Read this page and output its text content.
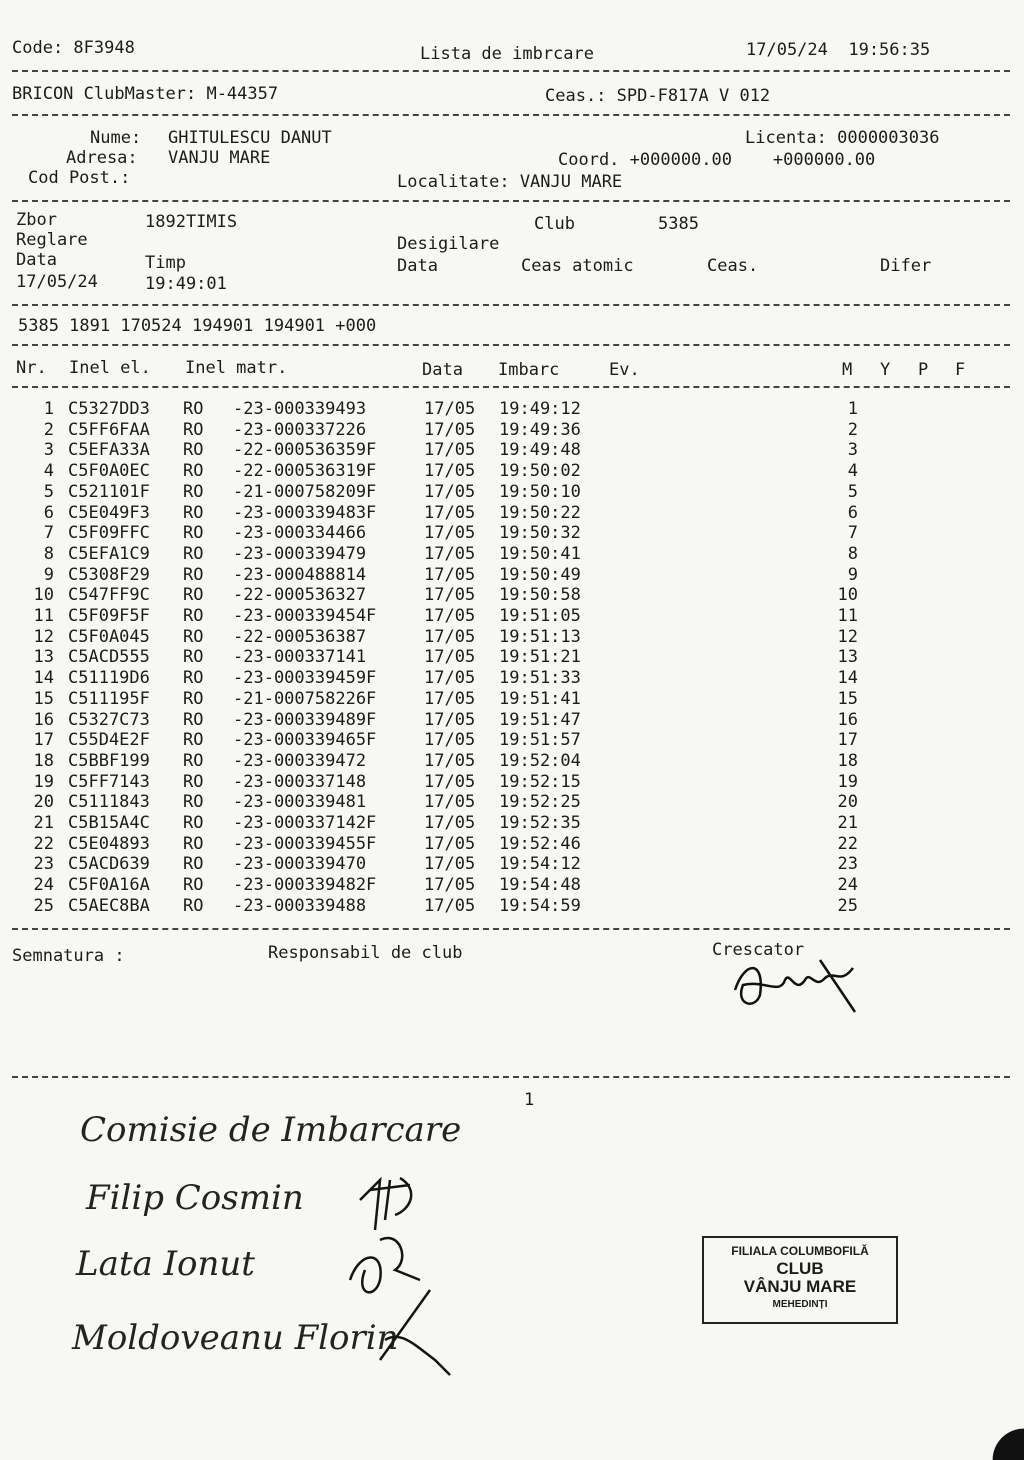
Code: 8F3948	Lista de imbrcare	17/05/24  19:56:35
BRICON ClubMaster: M-44357	Ceas.: SPD-F817A V 012
Nume: GHITULESCU DANUT	Licenta: 0000003036
Adresa: VANJU MARE	Coord. +000000.00    +000000.00
Cod Post.:	Localitate: VANJU MARE
Zbor	1892TIMIS	Club	5385
Reglare	Desigilare
Data	Timp	Data	Ceas atomic	Ceas.	Difer
17/05/24	19:49:01
5385 1891 170524 194901 194901 +000
Nr. Inel el. Inel matr.	Data Imbarc	Ev.	M Y P F
1 C5327DD3 RO -23-000339493	17/05 19:49:12	1
2 C5FF6FAA RO -23-000337226	17/05 19:49:36	2
3 C5EFA33A RO -22-000536359F	17/05 19:49:48	3
4 C5F0A0EC RO -22-000536319F	17/05 19:50:02	4
5 C521101F RO -21-000758209F	17/05 19:50:10	5
6 C5E049F3 RO -23-000339483F	17/05 19:50:22	6
7 C5F09FFC RO -23-000334466	17/05 19:50:32	7
8 C5EFA1C9 RO -23-000339479	17/05 19:50:41	8
9 C5308F29 RO -23-000488814	17/05 19:50:49	9
10 C547FF9C RO -22-000536327	17/05 19:50:58	10
11 C5F09F5F RO -23-000339454F	17/05 19:51:05	11
12 C5F0A045 RO -22-000536387	17/05 19:51:13	12
13 C5ACD555 RO -23-000337141	17/05 19:51:21	13
14 C51119D6 RO -23-000339459F	17/05 19:51:33	14
15 C511195F RO -21-000758226F	17/05 19:51:41	15
16 C5327C73 RO -23-000339489F	17/05 19:51:47	16
17 C55D4E2F RO -23-000339465F	17/05 19:51:57	17
18 C5BBF199 RO -23-000339472	17/05 19:52:04	18
19 C5FF7143 RO -23-000337148	17/05 19:52:15	19
20 C5111843 RO -23-000339481	17/05 19:52:25	20
21 C5B15A4C RO -23-000337142F	17/05 19:52:35	21
22 C5E04893 RO -23-000339455F	17/05 19:52:46	22
23 C5ACD639 RO -23-000339470	17/05 19:54:12	23
24 C5F0A16A RO -23-000339482F	17/05 19:54:48	24
25 C5AEC8BA RO -23-000339488	17/05 19:54:59	25
Semnatura :	Responsabil de club	Crescator
1
Comisie de Imbarcare
Filip Cosmin
Lata Ionut
Moldoveanu Florin
FILIALA COLUMBOFILĂ
CLUB
VÂNJU MARE
MEHEDINȚI
